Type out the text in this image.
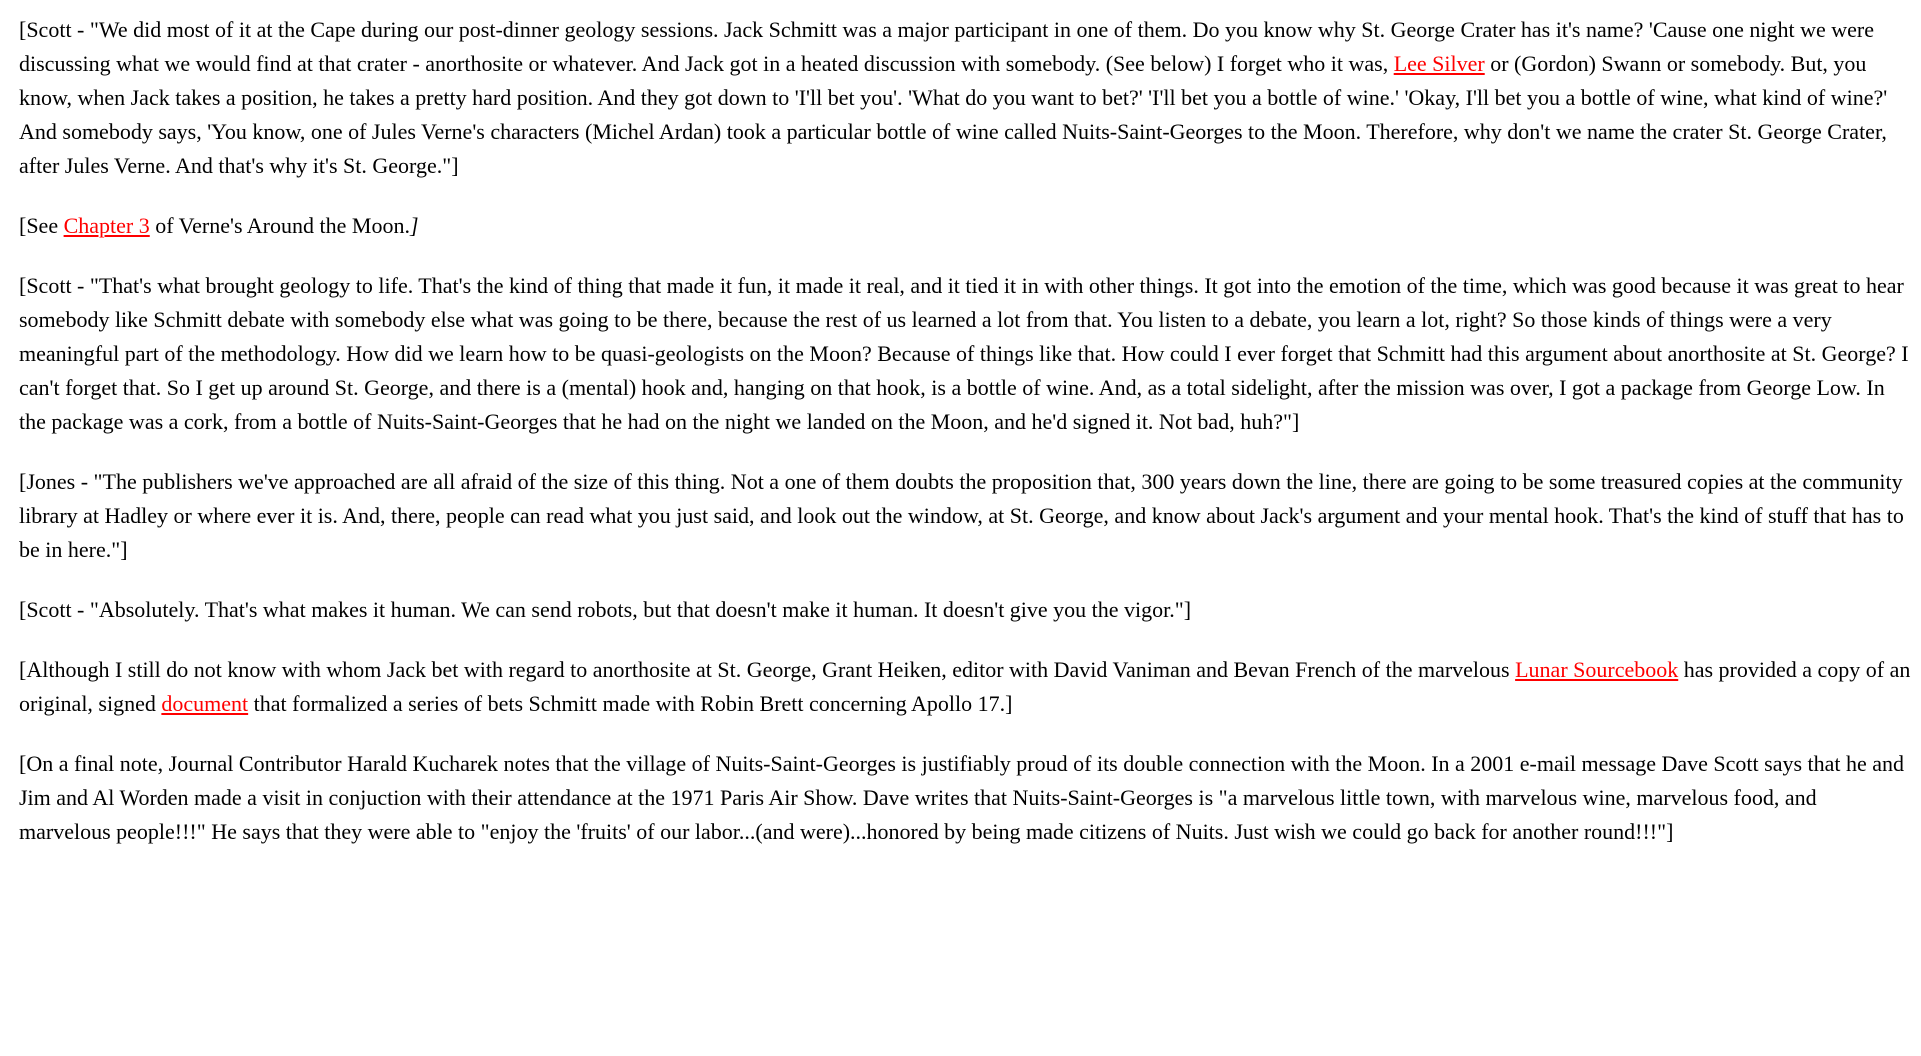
[Scott - "We did most of it at the Cape during our post-dinner geology sessions. Jack Schmitt was a major participant in one of them. Do you know why St. George Crater has it's name? 'Cause one night we were discussing what we would find at that crater - anorthosite or whatever. And Jack got in a heated discussion with somebody. (See below) I forget who it was, Lee Silver or (Gordon) Swann or somebody. But, you know, when Jack takes a position, he takes a pretty hard position. And they got down to 'I'll bet you'. 'What do you want to bet?' 'I'll bet you a bottle of wine.' 'Okay, I'll bet you a bottle of wine, what kind of wine?' And somebody says, 'You know, one of Jules Verne's characters (Michel Ardan) took a particular bottle of wine called Nuits-Saint-Georges to the Moon. Therefore, why don't we name the crater St. George Crater, after Jules Verne. And that's why it's St. George."]

[See Chapter 3 of Verne's Around the Moon.]

[Scott - "That's what brought geology to life. That's the kind of thing that made it fun, it made it real, and it tied it in with other things. It got into the emotion of the time, which was good because it was great to hear somebody like Schmitt debate with somebody else what was going to be there, because the rest of us learned a lot from that. You listen to a debate, you learn a lot, right? So those kinds of things were a very meaningful part of the methodology. How did we learn how to be quasi-geologists on the Moon? Because of things like that. How could I ever forget that Schmitt had this argument about anorthosite at St. George? I can't forget that. So I get up around St. George, and there is a (mental) hook and, hanging on that hook, is a bottle of wine. And, as a total sidelight, after the mission was over, I got a package from George Low. In the package was a cork, from a bottle of Nuits-Saint-Georges that he had on the night we landed on the Moon, and he'd signed it. Not bad, huh?"]

[Jones - "The publishers we've approached are all afraid of the size of this thing. Not a one of them doubts the proposition that, 300 years down the line, there are going to be some treasured copies at the community library at Hadley or where ever it is. And, there, people can read what you just said, and look out the window, at St. George, and know about Jack's argument and your mental hook. That's the kind of stuff that has to be in here."]

[Scott - "Absolutely. That's what makes it human. We can send robots, but that doesn't make it human. It doesn't give you the vigor."]

[Although I still do not know with whom Jack bet with regard to anorthosite at St. George, Grant Heiken, editor with David Vaniman and Bevan French of the marvelous Lunar Sourcebook has provided a copy of an original, signed document that formalized a series of bets Schmitt made with Robin Brett concerning Apollo 17.]

[On a final note, Journal Contributor Harald Kucharek notes that the village of Nuits-Saint-Georges is justifiably proud of its double connection with the Moon. In a 2001 e-mail message Dave Scott says that he and Jim and Al Worden made a visit in conjuction with their attendance at the 1971 Paris Air Show. Dave writes that Nuits-Saint-Georges is "a marvelous little town, with marvelous wine, marvelous food, and marvelous people!!!" He says that they were able to "enjoy the 'fruits' of our labor...(and were)...honored by being made citizens of Nuits. Just wish we could go back for another round!!!"]
